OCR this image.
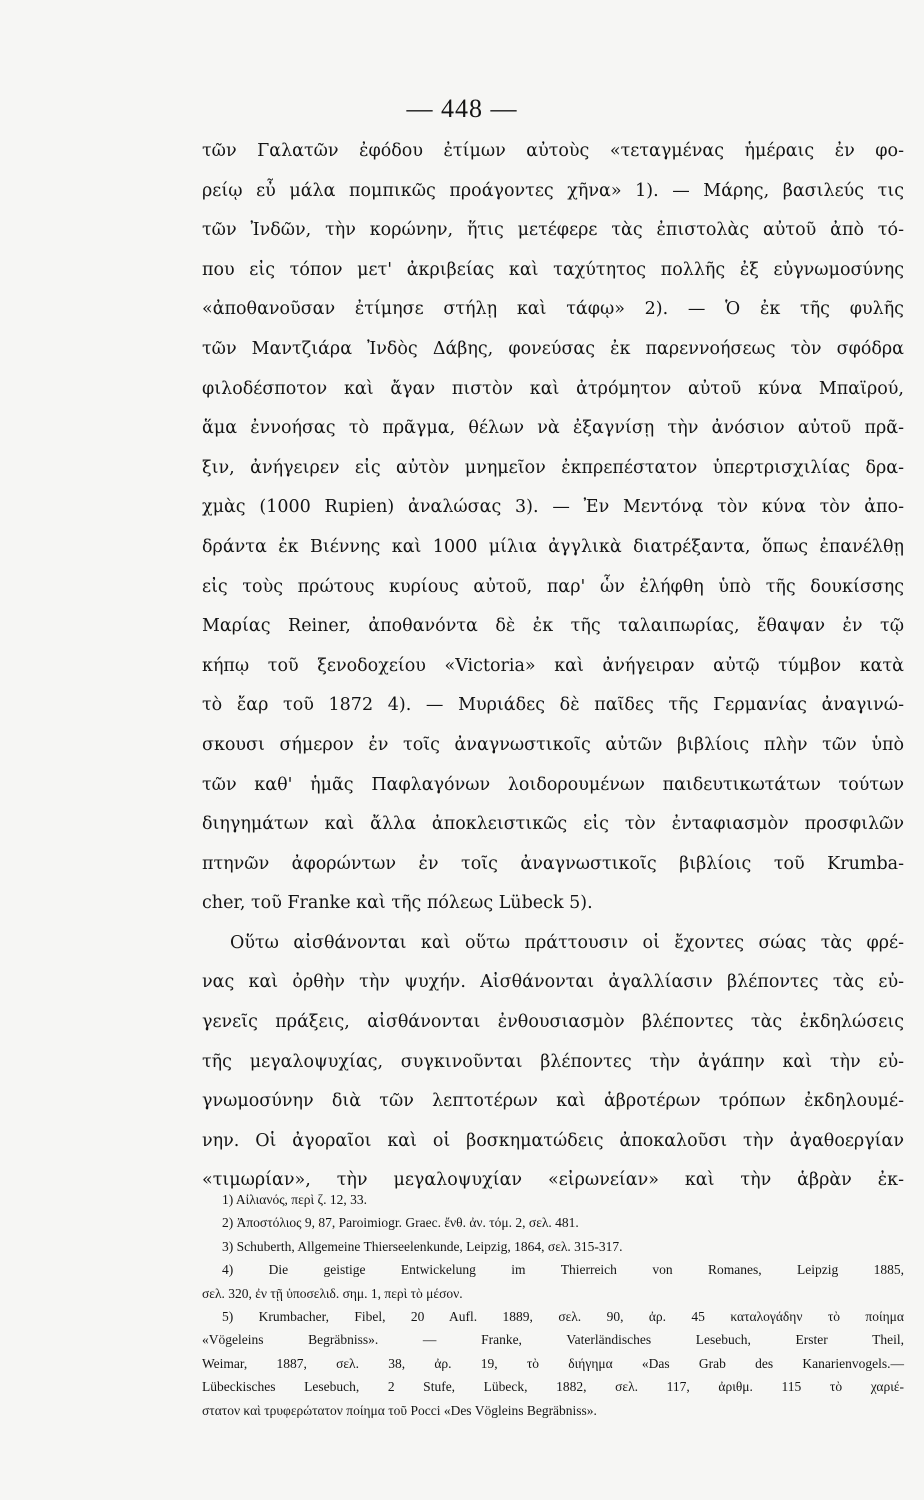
— 448 —
τῶν Γαλατῶν ἐφόδου ἐτίμων αὐτοὺς «τεταγμένας ἡμέραις ἐν φο-
ρείῳ εὖ μάλα πομπικῶς προάγοντες χῆνα» 1). — Μάρης, βασιλεύς τις
τῶν Ἰνδῶν, τὴν κορώνην, ἥτις μετέφερε τὰς ἐπιστολὰς αὐτοῦ ἀπὸ τό-
που εἰς τόπον μετ' ἀκριβείας καὶ ταχύτητος πολλῆς ἐξ εὐγνωμοσύνης
«ἀποθανοῦσαν ἐτίμησε στήλῃ καὶ τάφῳ» 2). — Ὁ ἐκ τῆς φυλῆς
τῶν Μαντζιάρα Ἰνδὸς Δάβης, φονεύσας ἐκ παρεννοήσεως τὸν σφόδρα
φιλοδέσποτον καὶ ἄγαν πιστὸν καὶ ἀτρόμητον αὐτοῦ κύνα Μπαϊρού,
ἅμα ἐννοήσας τὸ πρᾶγμα, θέλων νὰ ἐξαγνίσῃ τὴν ἀνόσιον αὐτοῦ πρᾶ-
ξιν, ἀνήγειρεν εἰς αὐτὸν μνημεῖον ἐκπρεπέστατον ὑπερτρισχιλίας δρα-
χμὰς (1000 Rupien) ἀναλώσας 3). — Ἐν Μεντόνᾳ τὸν κύνα τὸν ἀπο-
δράντα ἐκ Βιέννης καὶ 1000 μίλια ἀγγλικὰ διατρέξαντα, ὅπως ἐπανέλθῃ
εἰς τοὺς πρώτους κυρίους αὐτοῦ, παρ' ὧν ἐλήφθη ὑπὸ τῆς δουκίσσης
Μαρίας Reiner, ἀποθανόντα δὲ ἐκ τῆς ταλαιπωρίας, ἔθαψαν ἐν τῷ
κήπῳ τοῦ ξενοδοχείου «Victoria» καὶ ἀνήγειραν αὐτῷ τύμβον κατὰ
τὸ ἔαρ τοῦ 1872 4). — Μυριάδες δὲ παῖδες τῆς Γερμανίας ἀναγινώ-
σκουσι σήμερον ἐν τοῖς ἀναγνωστικοῖς αὐτῶν βιβλίοις πλὴν τῶν ὑπὸ
τῶν καθ' ἡμᾶς Παφλαγόνων λοιδορουμένων παιδευτικωτάτων τούτων
διηγημάτων καὶ ἄλλα ἀποκλειστικῶς εἰς τὸν ἐνταφιασμὸν προσφιλῶν
πτηνῶν ἀφορώντων ἐν τοῖς ἀναγνωστικοῖς βιβλίοις τοῦ Krumba-
cher, τοῦ Franke καὶ τῆς πόλεως Lübeck 5).
Οὕτω αἰσθάνονται καὶ οὕτω πράττουσιν οἱ ἔχοντες σώας τὰς φρέ-
νας καὶ ὀρθὴν τὴν ψυχήν. Αἰσθάνονται ἀγαλλίασιν βλέποντες τὰς εὐ-
γενεῖς πράξεις, αἰσθάνονται ἐνθουσιασμὸν βλέποντες τὰς ἐκδηλώσεις
τῆς μεγαλοψυχίας, συγκινοῦνται βλέποντες τὴν ἀγάπην καὶ τὴν εὐ-
γνωμοσύνην διὰ τῶν λεπτοτέρων καὶ ἁβροτέρων τρόπων ἐκδηλουμέ-
νην. Οἱ ἀγοραῖοι καὶ οἱ βοσκηματώδεις ἀποκαλοῦσι τὴν ἀγαθοεργίαν
«τιμωρίαν», τὴν μεγαλοψυχίαν «εἰρωνείαν» καὶ τὴν ἁβρὰν ἐκ-
1) Αἰλιανός, περὶ ζ. 12, 33.
2) Ἀποστόλιος 9, 87, Paroimiogr. Graec. ἔνθ. ἀν. τόμ. 2, σελ. 481.
3) Schuberth, Allgemeine Thierseelenkunde, Leipzig, 1864, σελ. 315-317.
4) Die geistige Entwickelung im Thierreich von Romanes, Leipzig 1885,
σελ. 320, ἐν τῇ ὑποσελιδ. σημ. 1, περὶ τὸ μέσον.
5) Krumbacher, Fibel, 20 Aufl. 1889, σελ. 90, ἀρ. 45 καταλογάδην τὸ ποίημα
«Vögeleins Begräbniss». — Franke, Vaterländisches Lesebuch, Erster Theil,
Weimar, 1887, σελ. 38, ἀρ. 19, τὸ διήγημα «Das Grab des Kanarienvogels.—
Lübeckisches Lesebuch, 2 Stufe, Lübeck, 1882, σελ. 117, ἀριθμ. 115 τὸ χαριέ-
στατον καὶ τρυφερώτατον ποίημα τοῦ Pocci «Des Vögleins Begräbniss».
